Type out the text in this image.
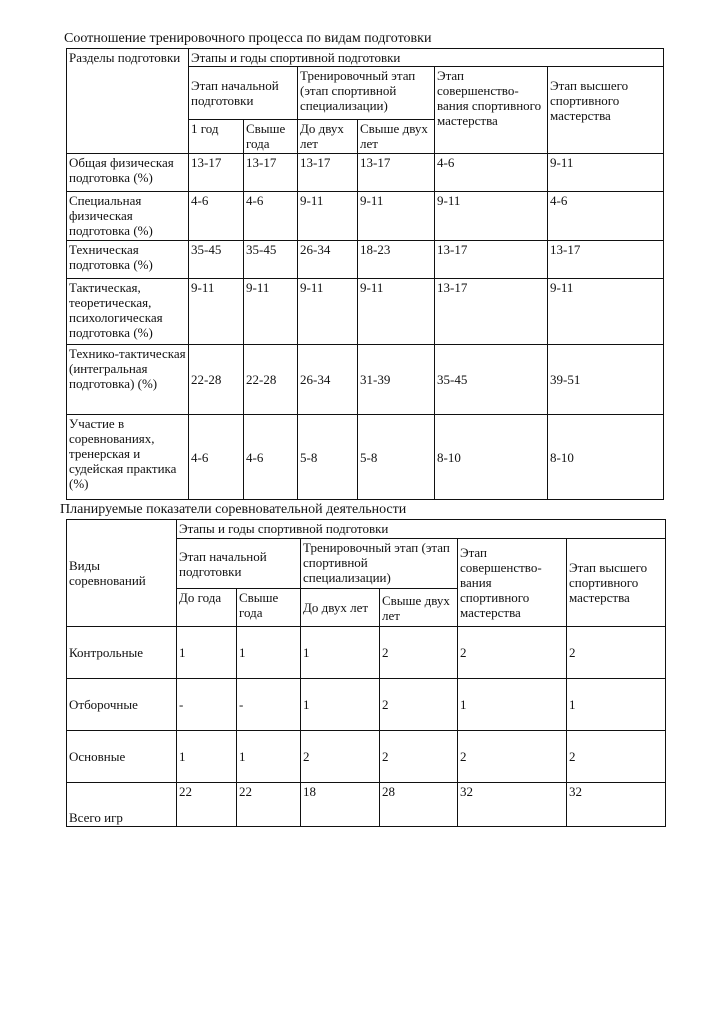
Соотношение тренировочного процесса по видам подготовки
Разделы подготовки	Этапы и годы спортивной подготовки					
	Этап начальной подготовки		Тренировочный этап (этап спортивной специализации)		Этап совершенство-вания спортивного мастерства	Этап высшего спортивного мастерства
	1 год	Свыше года	До двух лет	Свыше двух лет		
Общая физическая подготовка (%)	13-17	13-17	13-17	13-17	4-6	9-11
Специальная физическая подготовка (%)	4-6	4-6	9-11	9-11	9-11	4-6
Техническая подготовка (%)	35-45	35-45	26-34	18-23	13-17	13-17
Тактическая, теоретическая, психологическая подготовка (%)	9-11	9-11	9-11	9-11	13-17	9-11
Технико-тактическая (интегральная подготовка) (%)	22-28	22-28	26-34	31-39	35-45	39-51
Участие в соревнованиях, тренерская и судейская практика (%)	4-6	4-6	5-8	5-8	8-10	8-10
Планируемые показатели соревновательной деятельности
Виды соревнований	Этапы и годы спортивной подготовки					
	Этап начальной подготовки		Тренировочный этап (этап спортивной специализации)		Этап совершенство-вания спортивного мастерства	Этап высшего спортивного мастерства
	До года	Свыше года	До двух лет	Свыше двух лет		
Контрольные	1	1	1	2	2	2
Отборочные	-	-	1	2	1	1
Основные	1	1	2	2	2	2
Всего игр	22	22	18	28	32	32
